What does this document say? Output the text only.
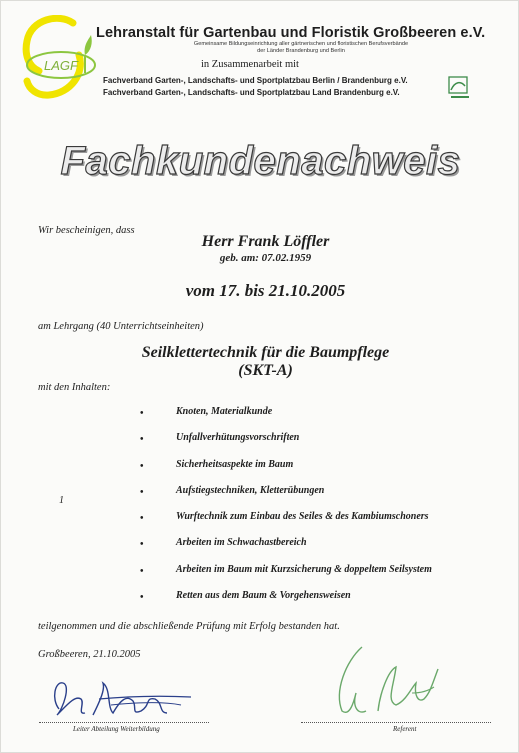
LAGF
Lehranstalt für Gartenbau und Floristik Großbeeren e.V.
Gemeinsame Bildungseinrichtung aller gärtnerischen und floristischen Berufsverbände
der Länder Brandenburg und Berlin
in Zusammenarbeit mit
Fachverband Garten-, Landschafts- und Sportplatzbau Berlin / Brandenburg e.V.
Fachverband Garten-, Landschafts- und Sportplatzbau Land Brandenburg e.V.
Fachkundenachweis
Wir bescheinigen, dass
Herr Frank Löffler
geb. am: 07.02.1959
vom 17. bis 21.10.2005
am Lehrgang (40 Unterrichtseinheiten)
Seilklettertechnik für die Baumpflege
(SKT-A)
mit den Inhalten:
•	Knoten, Materialkunde
•	Unfallverhütungsvorschriften
•	Sicherheitsaspekte im Baum
•	Aufstiegstechniken, Kletterübungen
•	Wurftechnik zum Einbau des Seiles & des Kambiumschoners
•	Arbeiten im Schwachastbereich
•	Arbeiten im Baum mit Kurzsicherung & doppeltem Seilsystem
•	Retten aus dem Baum & Vorgehensweisen
1
teilgenommen und die abschließende Prüfung mit Erfolg bestanden hat.
Großbeeren, 21.10.2005
Leiter Abteilung Weiterbildung	Referent
